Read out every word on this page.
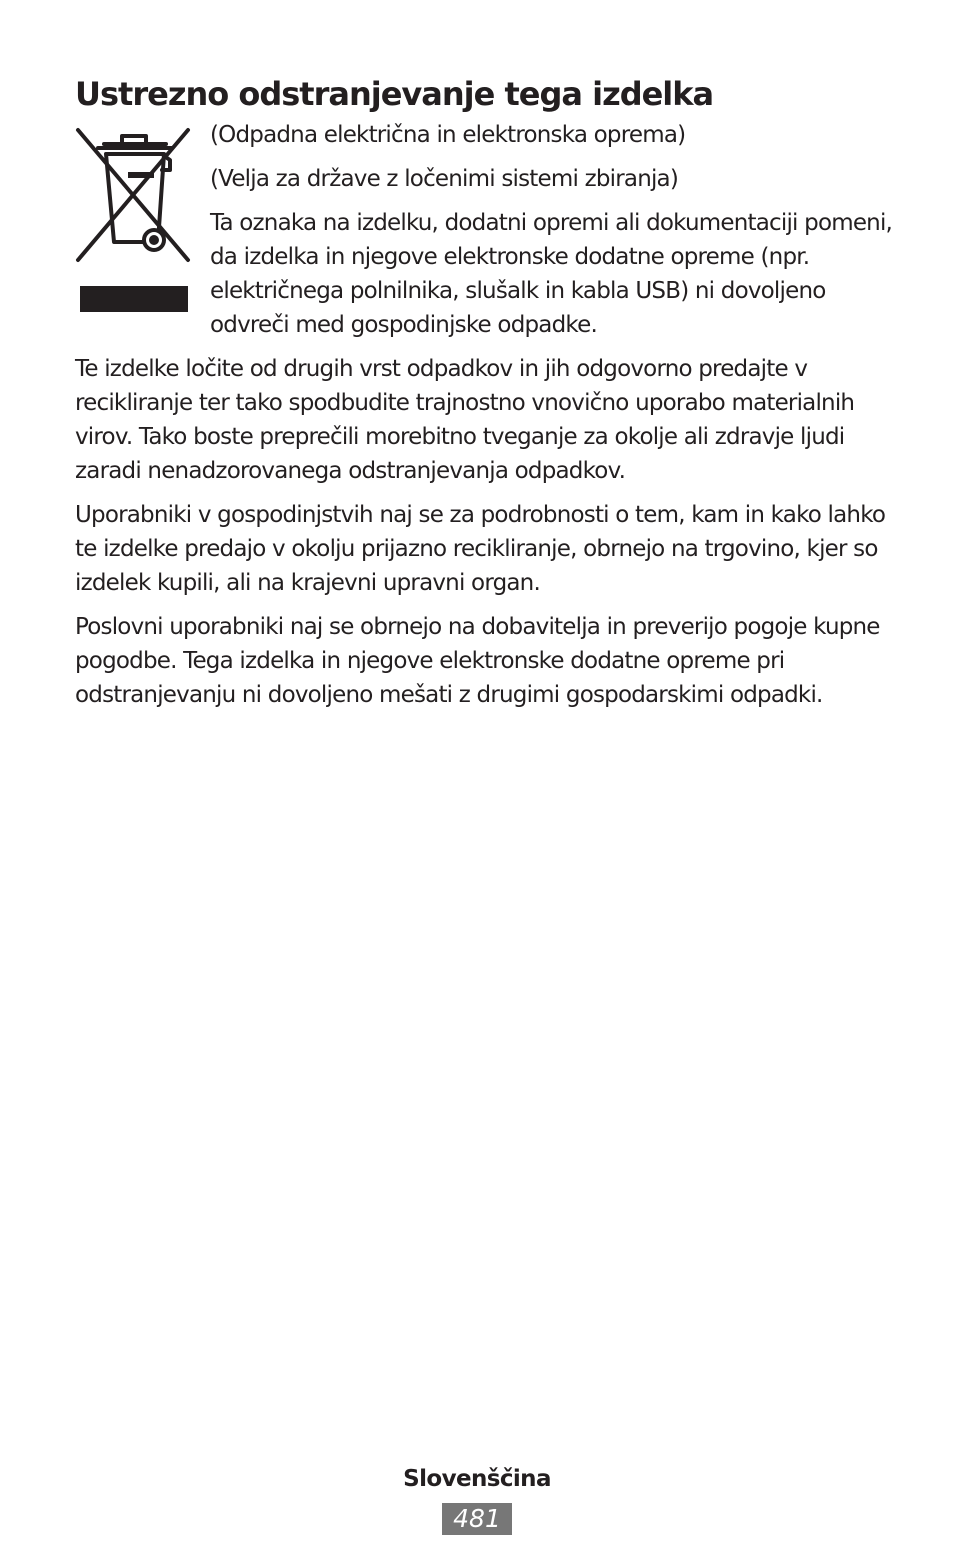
Ustrezno odstranjevanje tega izdelka

(Odpadna električna in elektronska oprema)

(Velja za države z ločenimi sistemi zbiranja)

Ta oznaka na izdelku, dodatni opremi ali dokumentaciji pomeni, da izdelka in njegove elektronske dodatne opreme (npr. električnega polnilnika, slušalk in kabla USB) ni dovoljeno odvreči med gospodinjske odpadke.

Te izdelke ločite od drugih vrst odpadkov in jih odgovorno predajte v recikliranje ter tako spodbudite trajnostno vnovično uporabo materialnih virov. Tako boste preprečili morebitno tveganje za okolje ali zdravje ljudi zaradi nenadzorovanega odstranjevanja odpadkov.

Uporabniki v gospodinjstvih naj se za podrobnosti o tem, kam in kako lahko te izdelke predajo v okolju prijazno recikliranje, obrnejo na trgovino, kjer so izdelek kupili, ali na krajevni upravni organ.

Poslovni uporabniki naj se obrnejo na dobavitelja in preverijo pogoje kupne pogodbe. Tega izdelka in njegove elektronske dodatne opreme pri odstranjevanju ni dovoljeno mešati z drugimi gospodarskimi odpadki.

Slovenščina
481
